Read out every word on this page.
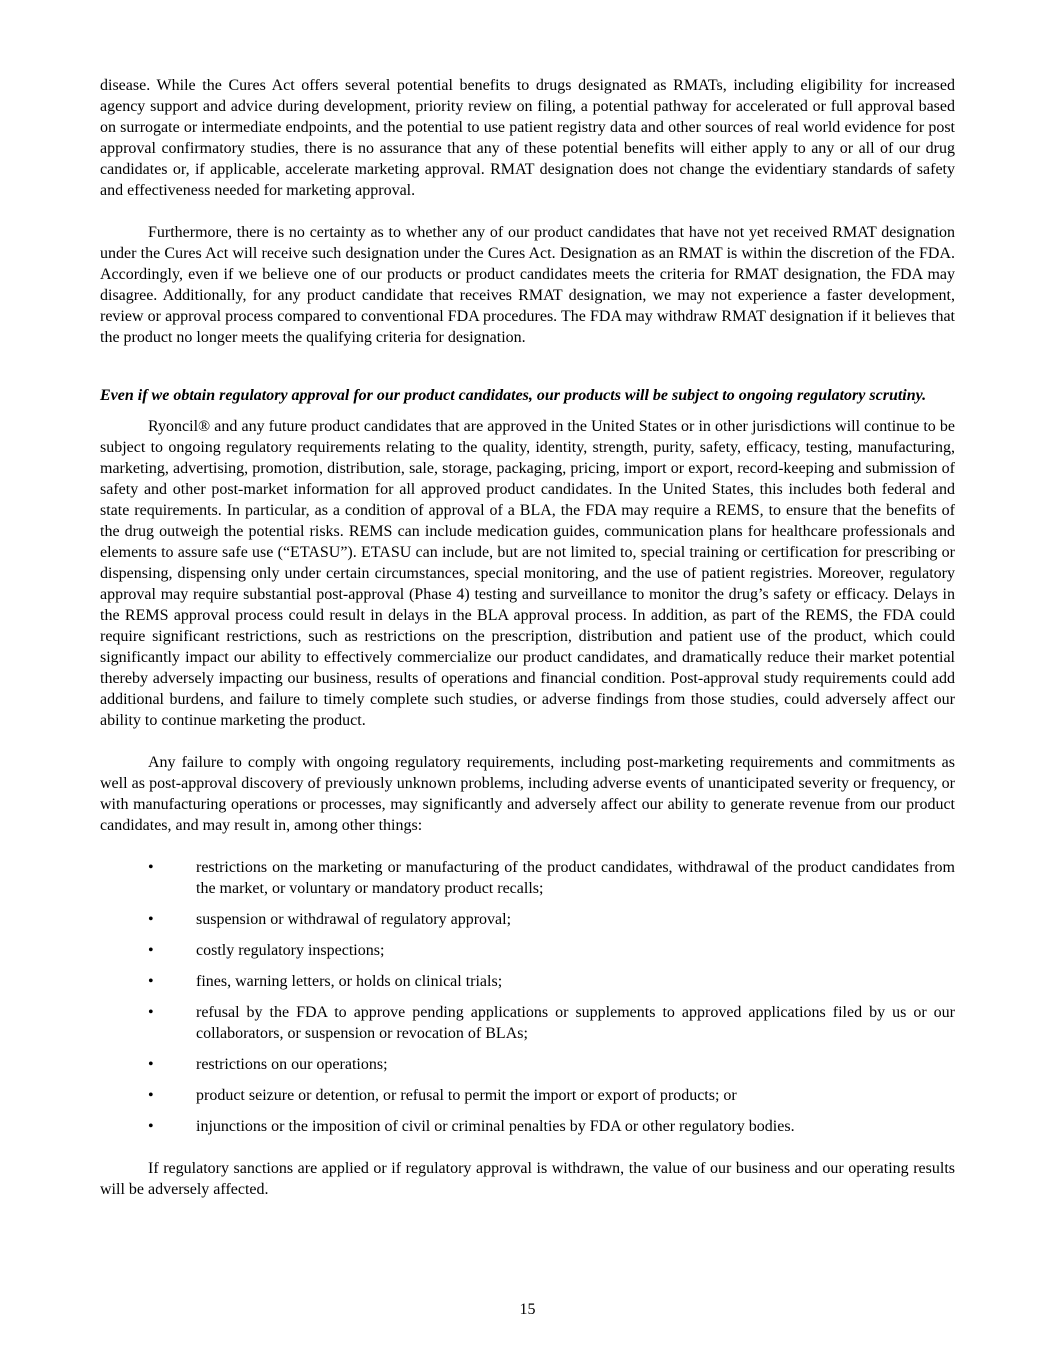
disease. While the Cures Act offers several potential benefits to drugs designated as RMATs, including eligibility for increased agency support and advice during development, priority review on filing, a potential pathway for accelerated or full approval based on surrogate or intermediate endpoints, and the potential to use patient registry data and other sources of real world evidence for post approval confirmatory studies, there is no assurance that any of these potential benefits will either apply to any or all of our drug candidates or, if applicable, accelerate marketing approval. RMAT designation does not change the evidentiary standards of safety and effectiveness needed for marketing approval.

Furthermore, there is no certainty as to whether any of our product candidates that have not yet received RMAT designation under the Cures Act will receive such designation under the Cures Act. Designation as an RMAT is within the discretion of the FDA. Accordingly, even if we believe one of our products or product candidates meets the criteria for RMAT designation, the FDA may disagree. Additionally, for any product candidate that receives RMAT designation, we may not experience a faster development, review or approval process compared to conventional FDA procedures. The FDA may withdraw RMAT designation if it believes that the product no longer meets the qualifying criteria for designation.

Even if we obtain regulatory approval for our product candidates, our products will be subject to ongoing regulatory scrutiny.

Ryoncil® and any future product candidates that are approved in the United States or in other jurisdictions will continue to be subject to ongoing regulatory requirements relating to the quality, identity, strength, purity, safety, efficacy, testing, manufacturing, marketing, advertising, promotion, distribution, sale, storage, packaging, pricing, import or export, record-keeping and submission of safety and other post-market information for all approved product candidates. In the United States, this includes both federal and state requirements. In particular, as a condition of approval of a BLA, the FDA may require a REMS, to ensure that the benefits of the drug outweigh the potential risks. REMS can include medication guides, communication plans for healthcare professionals and elements to assure safe use (“ETASU”). ETASU can include, but are not limited to, special training or certification for prescribing or dispensing, dispensing only under certain circumstances, special monitoring, and the use of patient registries. Moreover, regulatory approval may require substantial post-approval (Phase 4) testing and surveillance to monitor the drug’s safety or efficacy. Delays in the REMS approval process could result in delays in the BLA approval process. In addition, as part of the REMS, the FDA could require significant restrictions, such as restrictions on the prescription, distribution and patient use of the product, which could significantly impact our ability to effectively commercialize our product candidates, and dramatically reduce their market potential thereby adversely impacting our business, results of operations and financial condition. Post-approval study requirements could add additional burdens, and failure to timely complete such studies, or adverse findings from those studies, could adversely affect our ability to continue marketing the product.

Any failure to comply with ongoing regulatory requirements, including post-marketing requirements and commitments as well as post-approval discovery of previously unknown problems, including adverse events of unanticipated severity or frequency, or with manufacturing operations or processes, may significantly and adversely affect our ability to generate revenue from our product candidates, and may result in, among other things:

•	restrictions on the marketing or manufacturing of the product candidates, withdrawal of the product candidates from the market, or voluntary or mandatory product recalls;
•	suspension or withdrawal of regulatory approval;
•	costly regulatory inspections;
•	fines, warning letters, or holds on clinical trials;
•	refusal by the FDA to approve pending applications or supplements to approved applications filed by us or our collaborators, or suspension or revocation of BLAs;
•	restrictions on our operations;
•	product seizure or detention, or refusal to permit the import or export of products; or
•	injunctions or the imposition of civil or criminal penalties by FDA or other regulatory bodies.

If regulatory sanctions are applied or if regulatory approval is withdrawn, the value of our business and our operating results will be adversely affected.

15
